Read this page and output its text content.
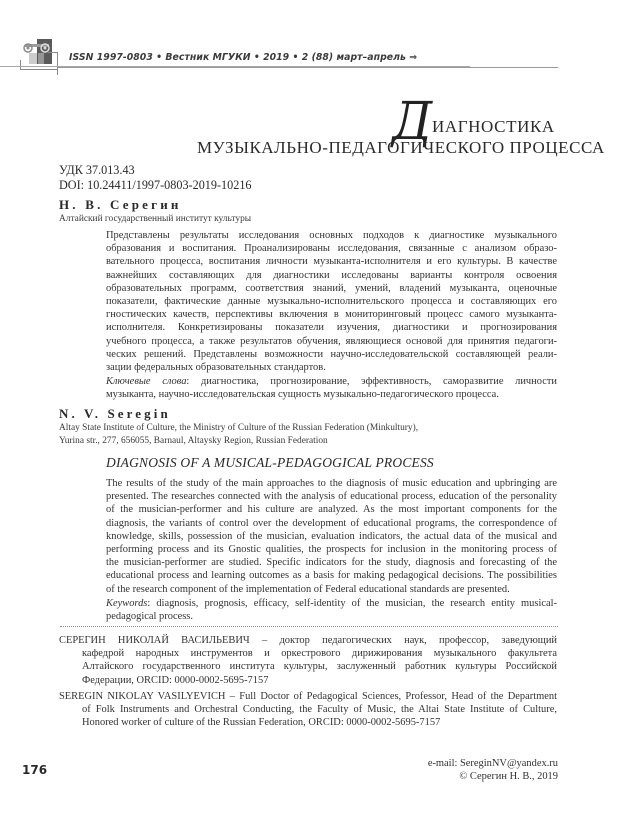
ISSN 1997-0803 • Вестник МГУКИ • 2019 • 2 (88) март–апрель ⇒
Д ИАГНОСТИКА
МУЗЫКАЛЬНО-ПЕДАГОГИЧЕСКОГО ПРОЦЕССА
УДК 37.013.43
DOI: 10.24411/1997-0803-2019-10216
Н. В. Серегин
Алтайский государственный институт культуры
Представлены результаты исследования основных подходов к диагностике музыкального
образования и воспитания. Проанализированы исследования, связанные с анализом образо-
вательного процесса, воспитания личности музыканта-исполнителя и его культуры. В качестве
важнейших составляющих для диагностики исследованы варианты контроля освоения
образовательных программ, соответствия знаний, умений, владений музыканта, оценочные
показатели, фактические данные музыкально-исполнительского процесса и составляющих его
гностических качеств, перспективы включения в мониторинговый процесс самого музыканта-
исполнителя. Конкретизированы показатели изучения, диагностики и прогнозирования
учебного процесса, а также результатов обучения, являющиеся основой для принятия педагоги-
ческих решений. Представлены возможности научно-исследовательской составляющей реали-
зации федеральных образовательных стандартов.
Ключевые слова: диагностика, прогнозирование, эффективность, саморазвитие личности
музыканта, научно-исследовательская сущность музыкально-педагогического процесса.
N. V. Seregin
Altay State Institute of Culture, the Ministry of Culture of the Russian Federation (Minkultury),
Yurina str., 277, 656055, Barnaul, Altaysky Region, Russian Federation
DIAGNOSIS OF A MUSICAL-PEDAGOGICAL PROCESS
The results of the study of the main approaches to the diagnosis of music education and upbringing are
presented. The researches connected with the analysis of educational process, education of the personality
of the musician-performer and his culture are analyzed. As the most important components for the
diagnosis, the variants of control over the development of educational programs, the correspondence of
knowledge, skills, possession of the musician, evaluation indicators, the actual data of the musical and
performing process and its Gnostic qualities, the prospects for inclusion in the monitoring process of
the musician-performer are studied. Specific indicators for the study, diagnosis and forecasting of the
educational process and learning outcomes as a basis for making pedagogical decisions. The possibilities
of the research component of the implementation of Federal educational standards are presented.
Keywords: diagnosis, prognosis, efficacy, self-identity of the musician, the research entity musical-
pedagogical process.
СЕРЕГИН НИКОЛАЙ ВАСИЛЬЕВИЧ – доктор педагогических наук, профессор, заведующий
кафедрой народных инструментов и оркестрового дирижирования музыкального факультета
Алтайского государственного института культуры, заслуженный работник культуры Российской
Федерации, ORCID: 0000-0002-5695-7157
SEREGIN NIKOLAY VASILYEVICH – Full Doctor of Pedagogical Sciences, Professor, Head of the Department
of Folk Instruments and Orchestral Conducting, the Faculty of Music, the Altai State Institute of Culture,
Honored worker of culture of the Russian Federation, ORCID: 0000-0002-5695-7157
e-mail: SereginNV@yandex.ru
© Серегин Н. В., 2019
176
